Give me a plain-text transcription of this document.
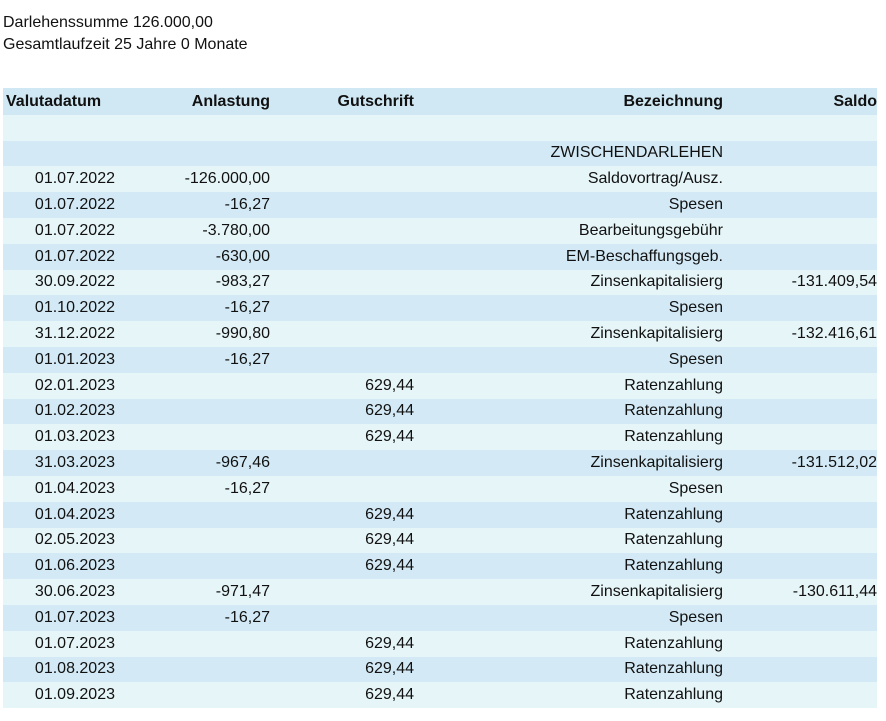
Darlehenssumme 126.000,00
Gesamtlaufzeit 25 Jahre 0 Monate
Valutadatum	Anlastung	Gutschrift	Bezeichnung	Saldo

			ZWISCHENDARLEHEN	
01.07.2022	-126.000,00		Saldovortrag/Ausz.	
01.07.2022	-16,27		Spesen	
01.07.2022	-3.780,00		Bearbeitungsgebühr	
01.07.2022	-630,00		EM-Beschaffungsgeb.	
30.09.2022	-983,27		Zinsenkapitalisierg	-131.409,54
01.10.2022	-16,27		Spesen	
31.12.2022	-990,80		Zinsenkapitalisierg	-132.416,61
01.01.2023	-16,27		Spesen	
02.01.2023		629,44	Ratenzahlung	
01.02.2023		629,44	Ratenzahlung	
01.03.2023		629,44	Ratenzahlung	
31.03.2023	-967,46		Zinsenkapitalisierg	-131.512,02
01.04.2023	-16,27		Spesen	
01.04.2023		629,44	Ratenzahlung	
02.05.2023		629,44	Ratenzahlung	
01.06.2023		629,44	Ratenzahlung	
30.06.2023	-971,47		Zinsenkapitalisierg	-130.611,44
01.07.2023	-16,27		Spesen	
01.07.2023		629,44	Ratenzahlung	
01.08.2023		629,44	Ratenzahlung	
01.09.2023		629,44	Ratenzahlung	
